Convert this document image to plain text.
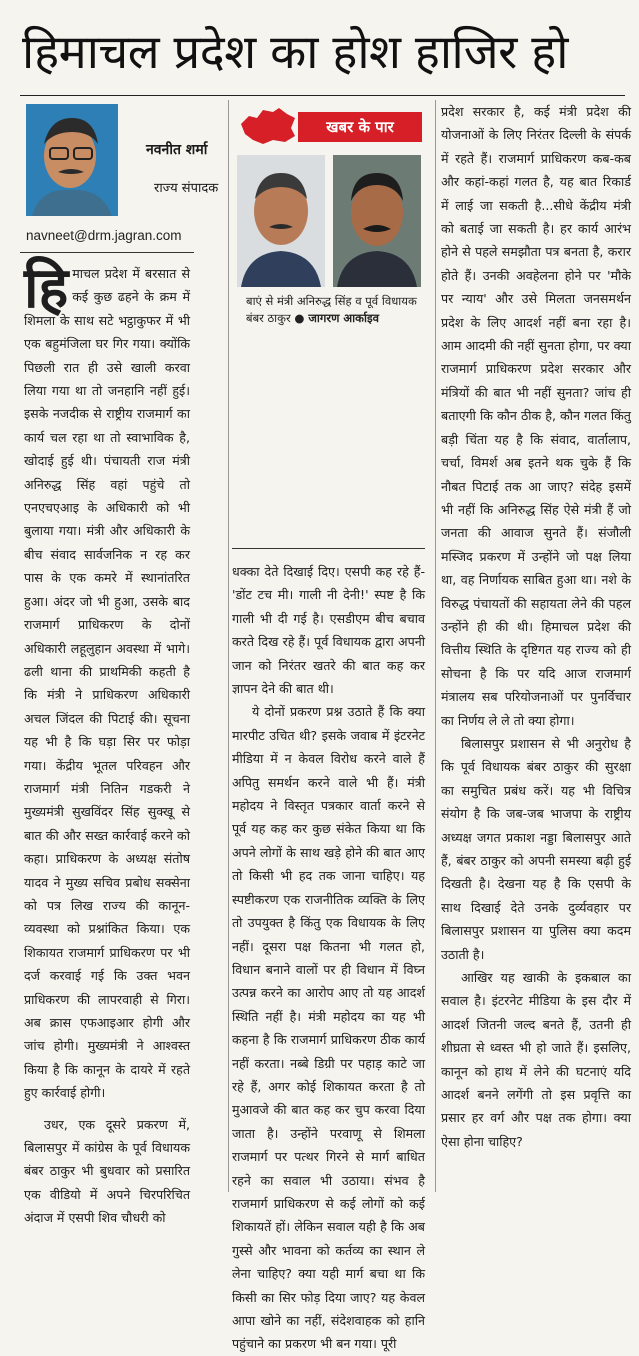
हिमाचल प्रदेश का होश हाजिर हो
नवनीत शर्मा
राज्य संपादक
navneet@drm.jagran.com
खबर के पार
बाएं से मंत्री अनिरुद्ध सिंह व पूर्व विधायक बंबर ठाकुर ● जागरण आर्काइव

हिमाचल प्रदेश में बरसात से कई कुछ ढहने के क्रम में शिमला के साथ सटे भट्ठाकुफर में भी एक बहुमंजिला घर गिर गया। क्योंकि पिछली रात ही उसे खाली करवा लिया गया था तो जनहानि नहीं हुई। इसके नजदीक से राष्ट्रीय राजमार्ग का कार्य चल रहा था तो स्वाभाविक है, खोदाई हुई थी। पंचायती राज मंत्री अनिरुद्ध सिंह वहां पहुंचे तो एनएचएआइ के अधिकारी को भी बुलाया गया। मंत्री और अधिकारी के बीच संवाद सार्वजनिक न रह कर पास के एक कमरे में स्थानांतरित हुआ। अंदर जो भी हुआ, उसके बाद राजमार्ग प्राधिकरण के दोनों अधिकारी लहूलुहान अवस्था में भागे। ढली थाना की प्राथमिकी कहती है कि मंत्री ने प्राधिकरण अधिकारी अचल जिंदल की पिटाई की। सूचना यह भी है कि घड़ा सिर पर फोड़ा गया। केंद्रीय भूतल परिवहन और राजमार्ग मंत्री नितिन गडकरी ने मुख्यमंत्री सुखविंदर सिंह सुक्खू से बात की और सख्त कार्रवाई करने को कहा। प्राधिकरण के अध्यक्ष संतोष यादव ने मुख्य सचिव प्रबोध सक्सेना को पत्र लिख राज्य की कानून-व्यवस्था को प्रश्नांकित किया। एक शिकायत राजमार्ग प्राधिकरण पर भी दर्ज करवाई गई कि उक्त भवन प्राधिकरण की लापरवाही से गिरा। अब क्रास एफआइआर होगी और जांच होगी। मुख्यमंत्री ने आश्वस्त किया है कि कानून के दायरे में रहते हुए कार्रवाई होगी।

उधर, एक दूसरे प्रकरण में, बिलासपुर में कांग्रेस के पूर्व विधायक बंबर ठाकुर भी बुधवार को प्रसारित एक वीडियो में अपने चिरपरिचित अंदाज में एसपी शिव चौधरी को

धक्का देते दिखाई दिए। एसपी कह रहे हैं-'डोंट टच मी। गाली नी देनी!' स्पष्ट है कि गाली भी दी गई है। एसडीएम बीच बचाव करते दिख रहे हैं। पूर्व विधायक द्वारा अपनी जान को निरंतर खतरे की बात कह कर ज्ञापन देने की बात थी।

ये दोनों प्रकरण प्रश्न उठाते हैं कि क्या मारपीट उचित थी? इसके जवाब में इंटरनेट मीडिया में न केवल विरोध करने वाले हैं अपितु समर्थन करने वाले भी हैं। मंत्री महोदय ने विस्तृत पत्रकार वार्ता करने से पूर्व यह कह कर कुछ संकेत किया था कि अपने लोगों के साथ खड़े होने की बात आए तो किसी भी हद तक जाना चाहिए। यह स्पष्टीकरण एक राजनीतिक व्यक्ति के लिए तो उपयुक्त है किंतु एक विधायक के लिए नहीं। दूसरा पक्ष कितना भी गलत हो, विधान बनाने वालों पर ही विधान में विघ्न उत्पन्न करने का आरोप आए तो यह आदर्श स्थिति नहीं है। मंत्री महोदय का यह भी कहना है कि राजमार्ग प्राधिकरण ठीक कार्य नहीं करता। नब्बे डिग्री पर पहाड़ काटे जा रहे हैं, अगर कोई शिकायत करता है तो मुआवजे की बात कह कर चुप करवा दिया जाता है। उन्होंने परवाणू से शिमला राजमार्ग पर पत्थर गिरने से मार्ग बाधित रहने का सवाल भी उठाया। संभव है राजमार्ग प्राधिकरण से कई लोगों को कई शिकायतें हों। लेकिन सवाल यही है कि अब गुस्से और भावना को कर्तव्य का स्थान ले लेना चाहिए? क्या यही मार्ग बचा था कि किसी का सिर फोड़ दिया जाए? यह केवल आपा खोने का नहीं, संदेशवाहक को हानि पहुंचाने का प्रकरण भी बन गया। पूरी

प्रदेश सरकार है, कई मंत्री प्रदेश की योजनाओं के लिए निरंतर दिल्ली के संपर्क में रहते हैं। राजमार्ग प्राधिकरण कब-कब और कहां-कहां गलत है, यह बात रिकार्ड में लाई जा सकती है...सीधे केंद्रीय मंत्री को बताई जा सकती है। हर कार्य आरंभ होने से पहले समझौता पत्र बनता है, करार होते हैं। उनकी अवहेलना होने पर 'मौके पर न्याय' और उसे मिलता जनसमर्थन प्रदेश के लिए आदर्श नहीं बना रहा है। आम आदमी की नहीं सुनता होगा, पर क्या राजमार्ग प्राधिकरण प्रदेश सरकार और मंत्रियों की बात भी नहीं सुनता? जांच ही बताएगी कि कौन ठीक है, कौन गलत किंतु बड़ी चिंता यह है कि संवाद, वार्तालाप, चर्चा, विमर्श अब इतने थक चुके हैं कि नौबत पिटाई तक आ जाए? संदेह इसमें भी नहीं कि अनिरुद्ध सिंह ऐसे मंत्री हैं जो जनता की आवाज सुनते हैं। संजौली मस्जिद प्रकरण में उन्होंने जो पक्ष लिया था, वह निर्णायक साबित हुआ था। नशे के विरुद्ध पंचायतों की सहायता लेने की पहल उन्होंने ही की थी। हिमाचल प्रदेश की वित्तीय स्थिति के दृष्टिगत यह राज्य को ही सोचना है कि पर यदि आज राजमार्ग मंत्रालय सब परियोजनाओं पर पुनर्विचार का निर्णय ले ले तो क्या होगा।

बिलासपुर प्रशासन से भी अनुरोध है कि पूर्व विधायक बंबर ठाकुर की सुरक्षा का समुचित प्रबंध करें। यह भी विचित्र संयोग है कि जब-जब भाजपा के राष्ट्रीय अध्यक्ष जगत प्रकाश नड्डा बिलासपुर आते हैं, बंबर ठाकुर को अपनी समस्या बढ़ी हुई दिखती है। देखना यह है कि एसपी के साथ दिखाई देते उनके दुर्व्यवहार पर बिलासपुर प्रशासन या पुलिस क्या कदम उठाती है।

आखिर यह खाकी के इकबाल का सवाल है। इंटरनेट मीडिया के इस दौर में आदर्श जितनी जल्द बनते हैं, उतनी ही शीघ्रता से ध्वस्त भी हो जाते हैं। इसलिए, कानून को हाथ में लेने की घटनाएं यदि आदर्श बनने लगेंगी तो इस प्रवृत्ति का प्रसार हर वर्ग और पक्ष तक होगा। क्या ऐसा होना चाहिए?
